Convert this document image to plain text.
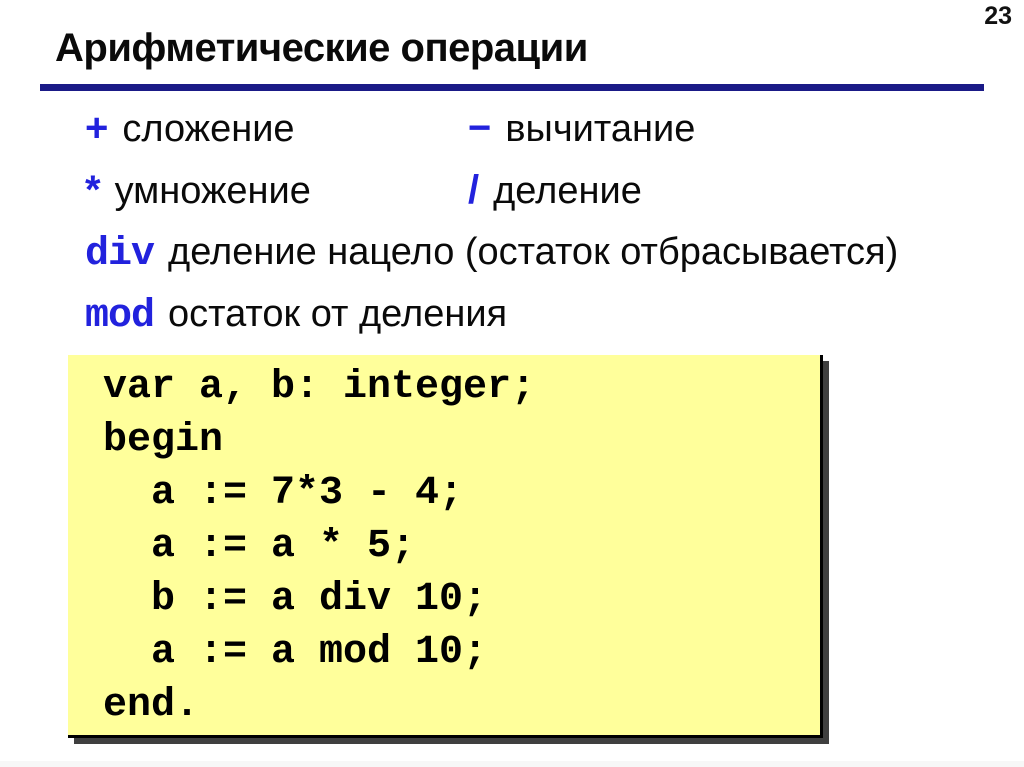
23
Арифметические операции
+ сложение	− вычитание
* умножение	/ деление
div деление нацело (остаток отбрасывается)
mod остаток от деления
var a, b: integer;
begin
a := 7*3 - 4;
a := a * 5;
b := a div 10;
a := a mod 10;
end.
